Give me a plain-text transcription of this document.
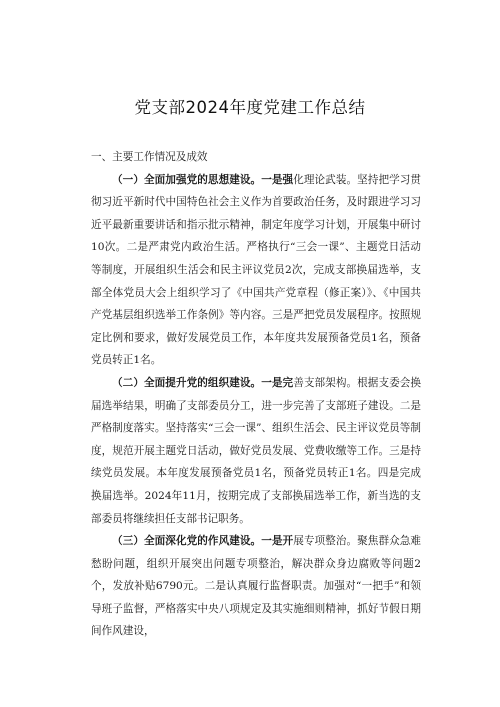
党支部2024年度党建工作总结

一、主要工作情况及成效

（一）全面加强党的思想建设。一是强化理论武装。坚持把学习贯彻习近平新时代中国特色社会主义作为首要政治任务，及时跟进学习习近平最新重要讲话和指示批示精神，制定年度学习计划，开展集中研讨10次。二是严肃党内政治生活。严格执行“三会一课”、主题党日活动等制度，开展组织生活会和民主评议党员2次，完成支部换届选举，支部全体党员大会上组织学习了《中国共产党章程（修正案）》、《中国共产党基层组织选举工作条例》等内容。三是严把党员发展程序。按照规定比例和要求，做好发展党员工作，本年度共发展预备党员1名，预备党员转正1名。

（二）全面提升党的组织建设。一是完善支部架构。根据支委会换届选举结果，明确了支部委员分工，进一步完善了支部班子建设。二是严格制度落实。坚持落实“三会一课”、组织生活会、民主评议党员等制度，规范开展主题党日活动，做好党员发展、党费收缴等工作。三是持续党员发展。本年度发展预备党员1名，预备党员转正1名。四是完成换届选举。2024年11月，按期完成了支部换届选举工作，新当选的支部委员将继续担任支部书记职务。

（三）全面深化党的作风建设。一是开展专项整治。聚焦群众急难愁盼问题，组织开展突出问题专项整治，解决群众身边腐败等问题2个，发放补贴6790元。二是认真履行监督职责。加强对“一把手”和领导班子监督，严格落实中央八项规定及其实施细则精神，抓好节假日期间作风建设，
